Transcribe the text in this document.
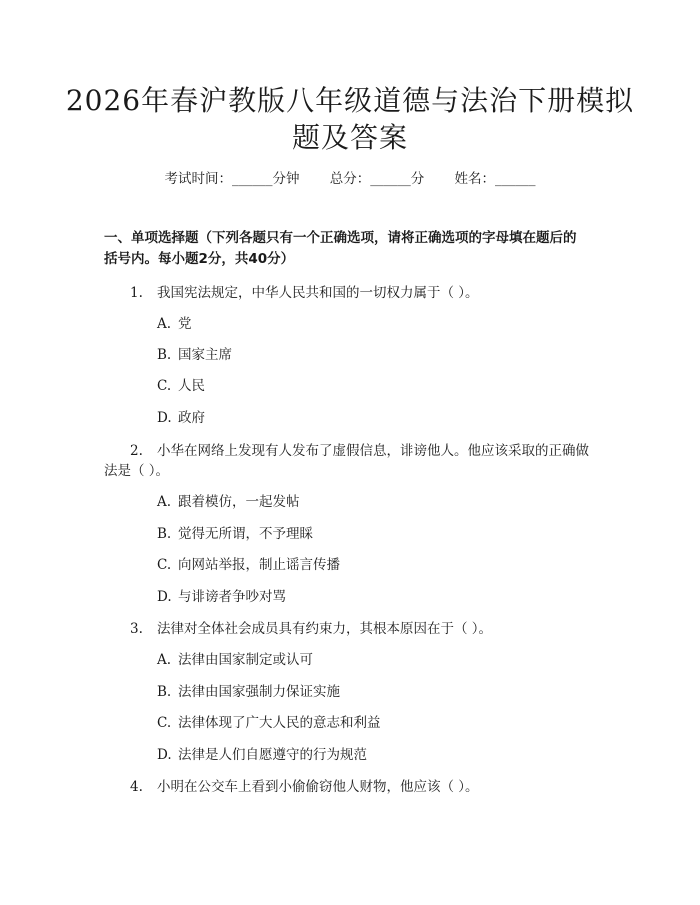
2026年春沪教版八年级道德与法治下册模拟
题及答案
考试时间：______分钟 总分：______分 姓名：______
一、单项选择题（下列各题只有一个正确选项，请将正确选项的字母填在题后的
括号内。每小题2分，共40分）
1. 我国宪法规定，中华人民共和国的一切权力属于（ ）。
A. 党
B. 国家主席
C. 人民
D. 政府
2. 小华在网络上发现有人发布了虚假信息，诽谤他人。他应该采取的正确做
法是（ ）。
A. 跟着模仿，一起发帖
B. 觉得无所谓，不予理睬
C. 向网站举报，制止谣言传播
D. 与诽谤者争吵对骂
3. 法律对全体社会成员具有约束力，其根本原因在于（ ）。
A. 法律由国家制定或认可
B. 法律由国家强制力保证实施
C. 法律体现了广大人民的意志和利益
D. 法律是人们自愿遵守的行为规范
4. 小明在公交车上看到小偷偷窃他人财物，他应该（ ）。
